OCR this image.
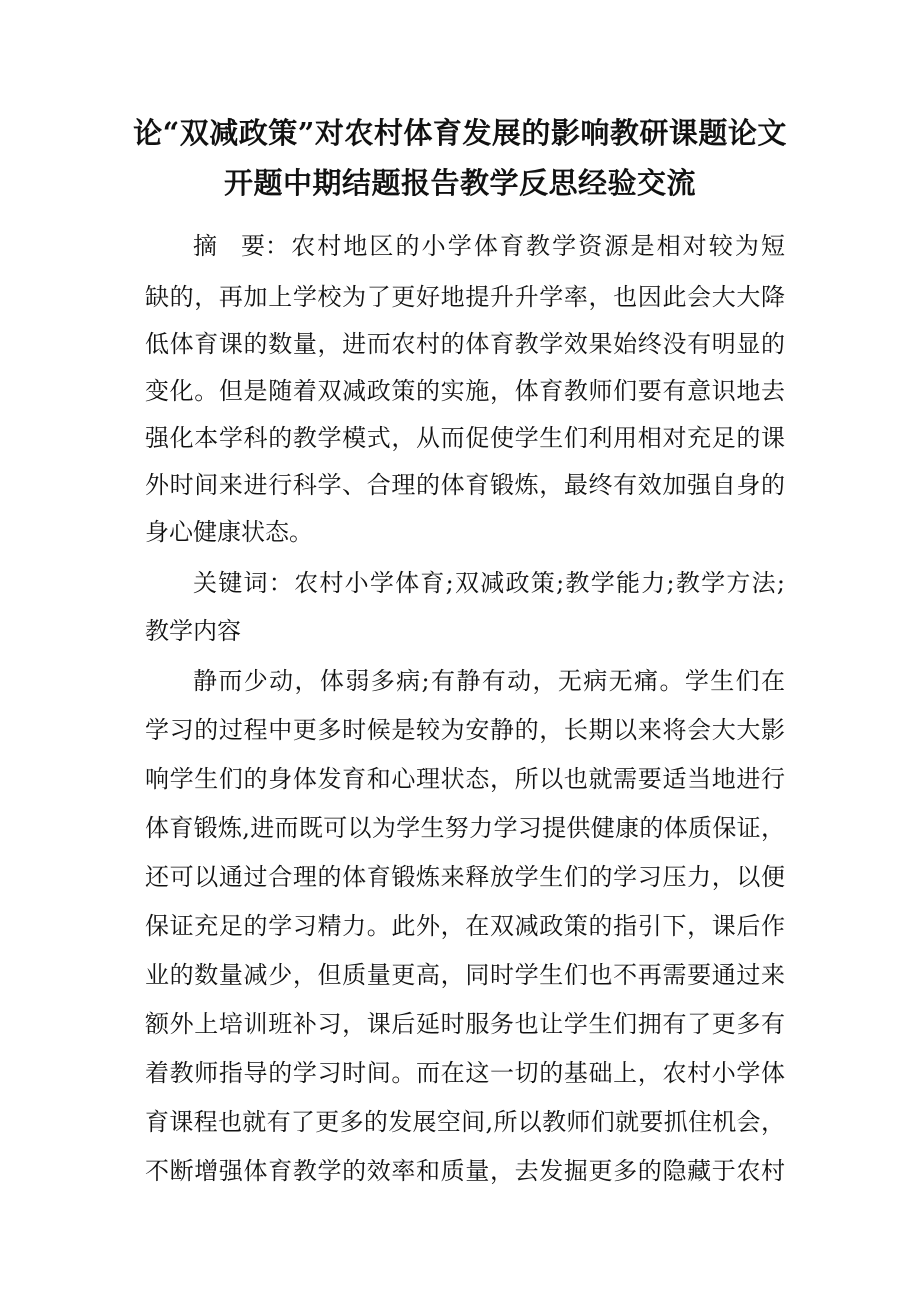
论“双减政策”对农村体育发展的影响教研课题论文
开题中期结题报告教学反思经验交流
摘　要：农村地区的小学体育教学资源是相对较为短
缺的，再加上学校为了更好地提升升学率，也因此会大大降
低体育课的数量，进而农村的体育教学效果始终没有明显的
变化。但是随着双减政策的实施，体育教师们要有意识地去
强化本学科的教学模式，从而促使学生们利用相对充足的课
外时间来进行科学、合理的体育锻炼，最终有效加强自身的
身心健康状态。
关键词：农村小学体育;双减政策;教学能力;教学方法;
教学内容
静而少动，体弱多病;有静有动，无病无痛。学生们在
学习的过程中更多时候是较为安静的，长期以来将会大大影
响学生们的身体发育和心理状态，所以也就需要适当地进行
体育锻炼,进而既可以为学生努力学习提供健康的体质保证，
还可以通过合理的体育锻炼来释放学生们的学习压力，以便
保证充足的学习精力。此外，在双减政策的指引下，课后作
业的数量减少，但质量更高，同时学生们也不再需要通过来
额外上培训班补习，课后延时服务也让学生们拥有了更多有
着教师指导的学习时间。而在这一切的基础上，农村小学体
育课程也就有了更多的发展空间,所以教师们就要抓住机会，
不断增强体育教学的效率和质量，去发掘更多的隐藏于农村
